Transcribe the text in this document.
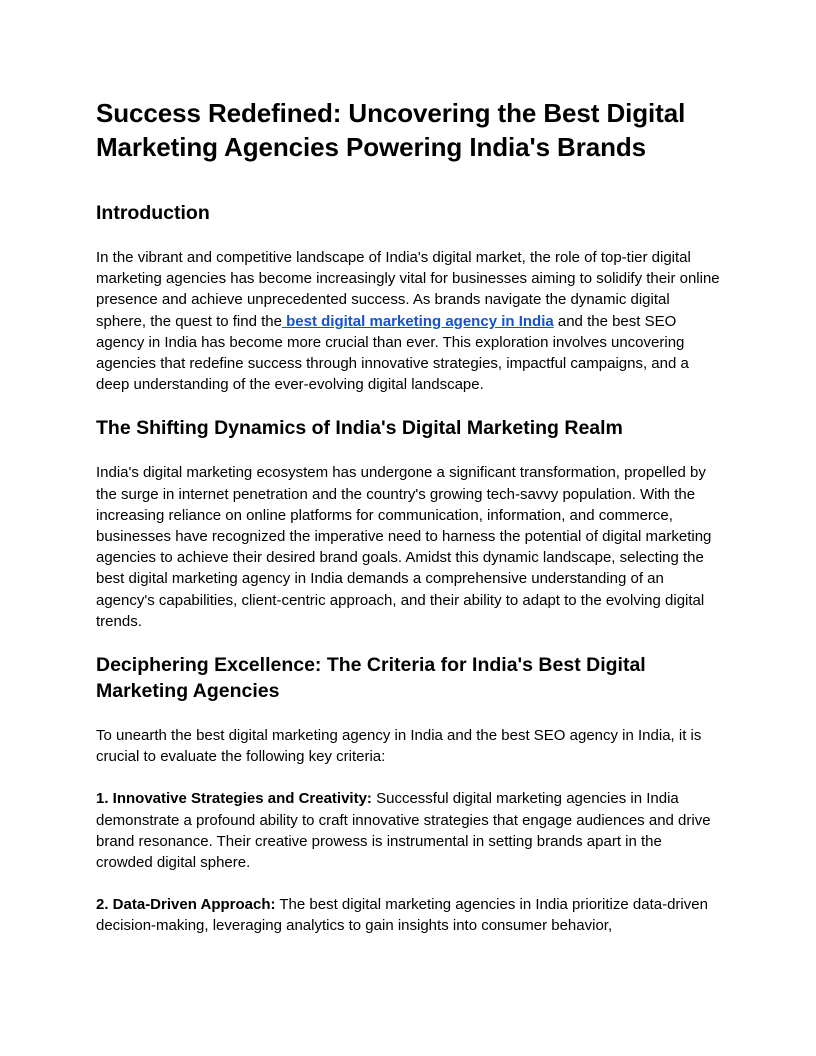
Success Redefined: Uncovering the Best Digital Marketing Agencies Powering India's Brands
Introduction

In the vibrant and competitive landscape of India's digital market, the role of top-tier digital marketing agencies has become increasingly vital for businesses aiming to solidify their online presence and achieve unprecedented success. As brands navigate the dynamic digital sphere, the quest to find the best digital marketing agency in India and the best SEO agency in India has become more crucial than ever. This exploration involves uncovering agencies that redefine success through innovative strategies, impactful campaigns, and a deep understanding of the ever-evolving digital landscape.

The Shifting Dynamics of India's Digital Marketing Realm

India's digital marketing ecosystem has undergone a significant transformation, propelled by the surge in internet penetration and the country's growing tech-savvy population. With the increasing reliance on online platforms for communication, information, and commerce, businesses have recognized the imperative need to harness the potential of digital marketing agencies to achieve their desired brand goals. Amidst this dynamic landscape, selecting the best digital marketing agency in India demands a comprehensive understanding of an agency's capabilities, client-centric approach, and their ability to adapt to the evolving digital trends.

Deciphering Excellence: The Criteria for India's Best Digital Marketing Agencies

To unearth the best digital marketing agency in India and the best SEO agency in India, it is crucial to evaluate the following key criteria:

1. Innovative Strategies and Creativity: Successful digital marketing agencies in India demonstrate a profound ability to craft innovative strategies that engage audiences and drive brand resonance. Their creative prowess is instrumental in setting brands apart in the crowded digital sphere.

2. Data-Driven Approach: The best digital marketing agencies in India prioritize data-driven decision-making, leveraging analytics to gain insights into consumer behavior,
